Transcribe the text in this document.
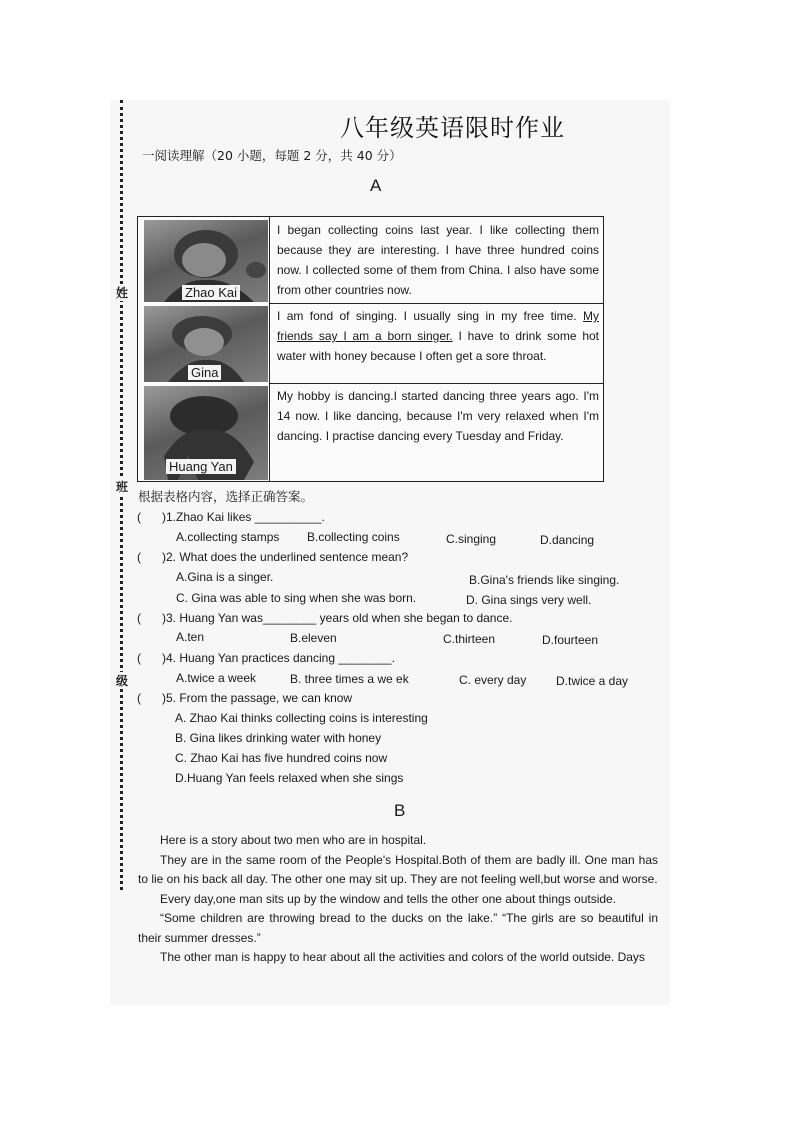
姓
班
级
八年级英语限时作业
一阅读理解（20 小题，每题 2 分，共 40 分）
A
Zhao Kai
I began collecting coins last year. I like collecting them because they are interesting. I have three hundred coins now. I collected some of them from China. I also have some from other countries now.
Gina
I am fond of singing. I usually sing in my free time. My friends say I am a born singer. I have to drink some hot water with honey because I often get a sore throat.
Huang Yan
My hobby is dancing.I started dancing three years ago. I'm 14 now. I like dancing, because I'm very relaxed when I'm dancing. I practise dancing every Tuesday and Friday.
根据表格内容，选择正确答案。
( )1.Zhao Kai likes __________.
A.collecting stamps B.collecting coins	C.singing	D.dancing
( )2. What does the underlined sentence mean?
A.Gina is a singer.	B.Gina's friends like singing.
C. Gina was able to sing when she was born.	D. Gina sings very well.
( )3. Huang Yan was________ years old when she began to dance.
A.ten	B.eleven	C.thirteen	D.fourteen
( )4. Huang Yan practices dancing ________.
A.twice a week	B. three times a we ek	C. every day D.twice a day
( )5. From the passage, we can know
A. Zhao Kai thinks collecting coins is interesting
B. Gina likes drinking water with honey
C. Zhao Kai has five hundred coins now
D.Huang Yan feels relaxed when she sings
B

Here is a story about two men who are in hospital.

They are in the same room of the People's Hospital.Both of them are badly ill. One man has to lie on his back all day. The other one may sit up. They are not feeling well,but worse and worse.

Every day,one man sits up by the window and tells the other one about things outside.

“Some children are throwing bread to the ducks on the lake.” “The girls are so beautiful in their summer dresses.”

The other man is happy to hear about all the activities and colors of the world outside. Days
